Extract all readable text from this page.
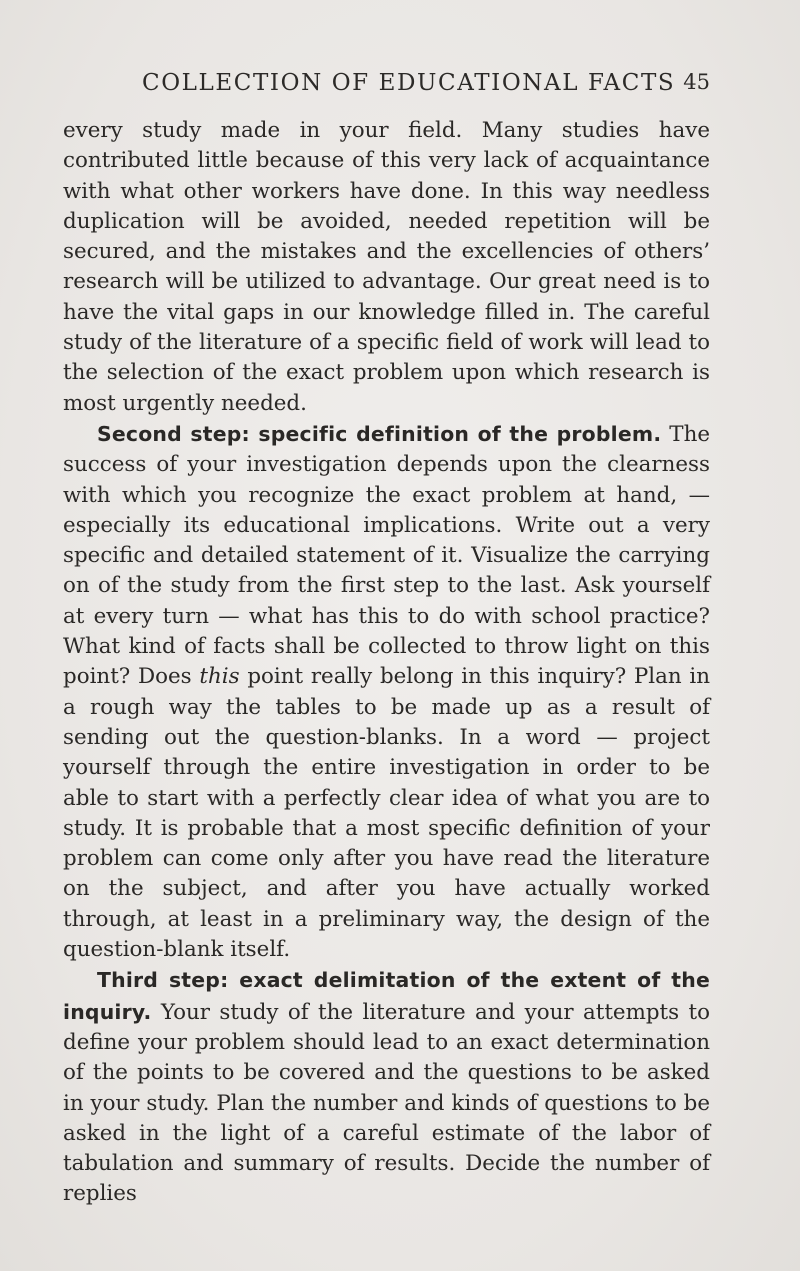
COLLECTION OF EDUCATIONAL FACTS 45

every study made in your field. Many studies have contributed little because of this very lack of acquaintance with what other workers have done. In this way needless duplication will be avoided, needed repetition will be secured, and the mistakes and the excellencies of others’ research will be utilized to advantage. Our great need is to have the vital gaps in our knowledge filled in. The careful study of the literature of a specific field of work will lead to the selection of the exact problem upon which research is most urgently needed.

Second step: specific definition of the problem. The success of your investigation depends upon the clearness with which you recognize the exact problem at hand, — especially its educational implications. Write out a very specific and detailed statement of it. Visualize the carrying on of the study from the first step to the last. Ask yourself at every turn — what has this to do with school practice? What kind of facts shall be collected to throw light on this point? Does this point really belong in this inquiry? Plan in a rough way the tables to be made up as a result of sending out the question-blanks. In a word — project yourself through the entire investigation in order to be able to start with a perfectly clear idea of what you are to study. It is probable that a most specific definition of your problem can come only after you have read the literature on the subject, and after you have actually worked through, at least in a preliminary way, the design of the question-blank itself.

Third step: exact delimitation of the extent of the inquiry. Your study of the literature and your attempts to define your problem should lead to an exact determination of the points to be covered and the questions to be asked in your study. Plan the number and kinds of questions to be asked in the light of a careful estimate of the labor of tabulation and summary of results. Decide the number of replies
